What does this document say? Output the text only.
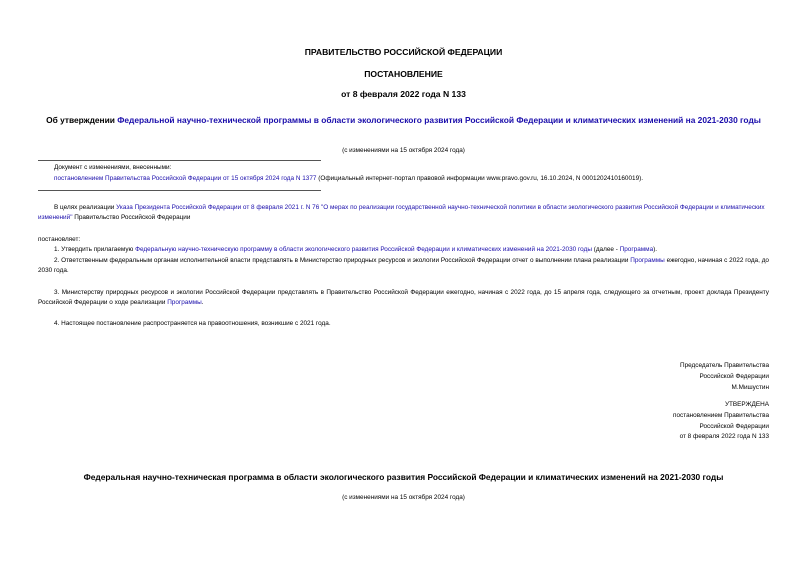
ПРАВИТЕЛЬСТВО РОССИЙСКОЙ ФЕДЕРАЦИИ
ПОСТАНОВЛЕНИЕ
от 8 февраля 2022 года N 133
Об утверждении Федеральной научно-технической программы в области экологического развития Российской Федерации и климатических изменений на 2021-2030 годы
(с изменениями на 15 октября 2024 года)
Документ с изменениями, внесенными:
постановлением Правительства Российской Федерации от 15 октября 2024 года N 1377 (Официальный интернет-портал правовой информации www.pravo.gov.ru, 16.10.2024, N 0001202410160019).
В целях реализации Указа Президента Российской Федерации от 8 февраля 2021 г. N 76 "О мерах по реализации государственной научно-технической политики в области экологического развития Российской Федерации и климатических изменений" Правительство Российской Федерации
постановляет:
1. Утвердить прилагаемую Федеральную научно-техническую программу в области экологического развития Российской Федерации и климатических изменений на 2021-2030 годы (далее - Программа).
2. Ответственным федеральным органам исполнительной власти представлять в Министерство природных ресурсов и экологии Российской Федерации отчет о выполнении плана реализации Программы ежегодно, начиная с 2022 года, до 2030 года.
3. Министерству природных ресурсов и экологии Российской Федерации представлять в Правительство Российской Федерации ежегодно, начиная с 2022 года, до 15 апреля года, следующего за отчетным, проект доклада Президенту Российской Федерации о ходе реализации Программы.
4. Настоящее постановление распространяется на правоотношения, возникшие с 2021 года.
Председатель Правительства
Российской Федерации
М.Мишустин
УТВЕРЖДЕНА
постановлением Правительства
Российской Федерации
от 8 февраля 2022 года N 133
Федеральная научно-техническая программа в области экологического развития Российской Федерации и климатических изменений на 2021-2030 годы
(с изменениями на 15 октября 2024 года)
